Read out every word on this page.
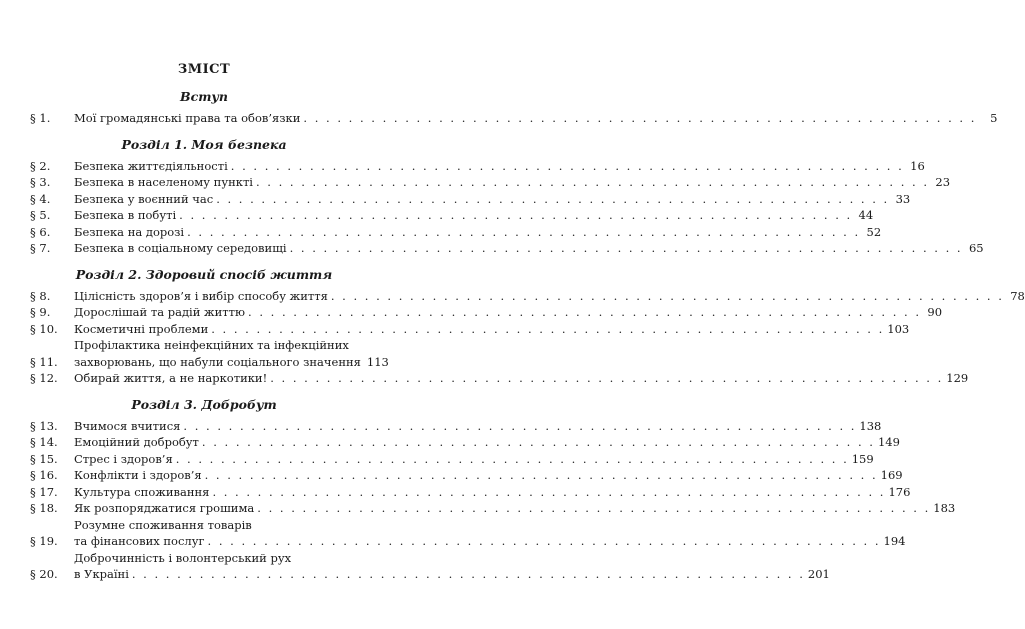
ЗМІСТ
Вступ
§ 1.	Мої громадянські права та обов’язки . . . . . . . . . . . . . . . . . . . . . . . . . . . . . . . . . . . . . . . . . . . . . . . . . . . . . . . . . . . .	5
Розділ 1. Моя безпека
§ 2.	Безпека життєдіяльності . . . . . . . . . . . . . . . . . . . . . . . . . . . . . . . . . . . . . . . . . . . . . . . . . . . . . . . . . . . . 16
§ 3.	Безпека в населеному пункті . . . . . . . . . . . . . . . . . . . . . . . . . . . . . . . . . . . . . . . . . . . . . . . . . . . . . . . . . . . . 23
§ 4.	Безпека у воєнний час . . . . . . . . . . . . . . . . . . . . . . . . . . . . . . . . . . . . . . . . . . . . . . . . . . . . . . . . . . . . 33
§ 5.	Безпека в побуті . . . . . . . . . . . . . . . . . . . . . . . . . . . . . . . . . . . . . . . . . . . . . . . . . . . . . . . . . . . . 44
§ 6.	Безпека на дорозі . . . . . . . . . . . . . . . . . . . . . . . . . . . . . . . . . . . . . . . . . . . . . . . . . . . . . . . . . . . . 52
§ 7.	Безпека в соціальному середовищі . . . . . . . . . . . . . . . . . . . . . . . . . . . . . . . . . . . . . . . . . . . . . . . . . . . . . . . . . . . . 65
Розділ 2. Здоровий спосіб життя
§ 8.	Цілісність здоров’я і вибір способу життя . . . . . . . . . . . . . . . . . . . . . . . . . . . . . . . . . . . . . . . . . . . . . . . . . . . . . . . . . . . . 78
§ 9.	Дорослішай та радій життю . . . . . . . . . . . . . . . . . . . . . . . . . . . . . . . . . . . . . . . . . . . . . . . . . . . . . . . . . . . . 90
§ 10.	Косметичні проблеми . . . . . . . . . . . . . . . . . . . . . . . . . . . . . . . . . . . . . . . . . . . . . . . . . . . . . . . . . . . . 103
§ 11.
Профілактика неінфекційних та інфекційних
захворювань, що набули соціального значення 113
§ 12.	Обирай життя, а не наркотики! . . . . . . . . . . . . . . . . . . . . . . . . . . . . . . . . . . . . . . . . . . . . . . . . . . . . . . . . . . . . 129
Розділ 3. Добробут
§ 13.	Вчимося вчитися . . . . . . . . . . . . . . . . . . . . . . . . . . . . . . . . . . . . . . . . . . . . . . . . . . . . . . . . . . . . 138
§ 14.	Емоційний добробут . . . . . . . . . . . . . . . . . . . . . . . . . . . . . . . . . . . . . . . . . . . . . . . . . . . . . . . . . . . . 149
§ 15.	Стрес і здоров’я . . . . . . . . . . . . . . . . . . . . . . . . . . . . . . . . . . . . . . . . . . . . . . . . . . . . . . . . . . . . 159
§ 16.	Конфлікти і здоров’я . . . . . . . . . . . . . . . . . . . . . . . . . . . . . . . . . . . . . . . . . . . . . . . . . . . . . . . . . . . . 169
§ 17.	Культура споживання . . . . . . . . . . . . . . . . . . . . . . . . . . . . . . . . . . . . . . . . . . . . . . . . . . . . . . . . . . . . 176
§ 18.	Як розпоряджатися грошима . . . . . . . . . . . . . . . . . . . . . . . . . . . . . . . . . . . . . . . . . . . . . . . . . . . . . . . . . . . . 183
§ 19.
Розумне споживання товарів
та фінансових послуг . . . . . . . . . . . . . . . . . . . . . . . . . . . . . . . . . . . . . . . . . . . . . . . . . . . . . . . . . . . . 194
§ 20.
Доброчинність і волонтерський рух
в Україні . . . . . . . . . . . . . . . . . . . . . . . . . . . . . . . . . . . . . . . . . . . . . . . . . . . . . . . . . . . . 201
